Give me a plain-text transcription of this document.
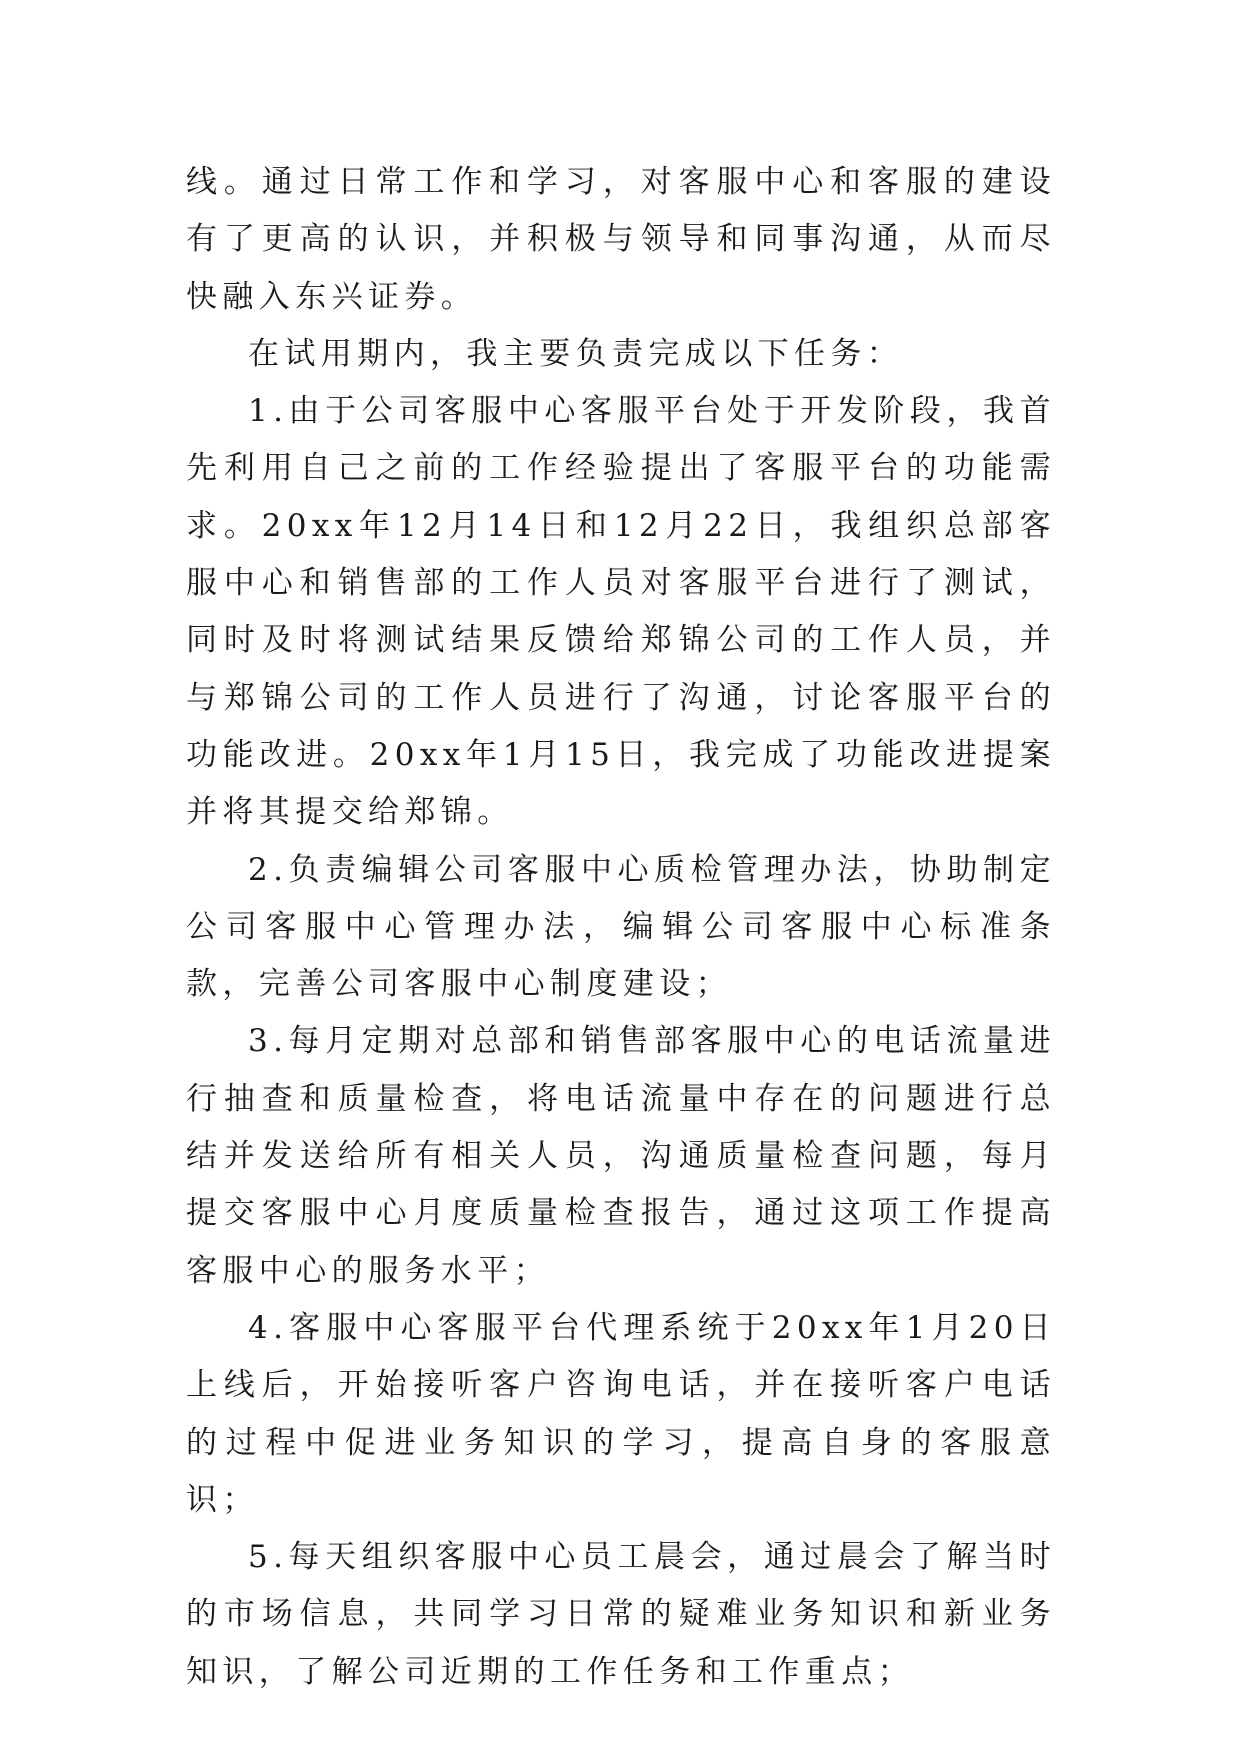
线。通过日常工作和学习，对客服中心和客服的建设有了更高的认识，并积极与领导和同事沟通，从而尽快融入东兴证券。

在试用期内，我主要负责完成以下任务：

1.由于公司客服中心客服平台处于开发阶段，我首先利用自己之前的工作经验提出了客服平台的功能需求。20xx年12月14日和12月22日，我组织总部客服中心和销售部的工作人员对客服平台进行了测试，同时及时将测试结果反馈给郑锦公司的工作人员，并与郑锦公司的工作人员进行了沟通，讨论客服平台的功能改进。20xx年1月15日，我完成了功能改进提案并将其提交给郑锦。

2.负责编辑公司客服中心质检管理办法，协助制定公司客服中心管理办法，编辑公司客服中心标准条款，完善公司客服中心制度建设；

3.每月定期对总部和销售部客服中心的电话流量进行抽查和质量检查，将电话流量中存在的问题进行总结并发送给所有相关人员，沟通质量检查问题，每月提交客服中心月度质量检查报告，通过这项工作提高客服中心的服务水平；

4.客服中心客服平台代理系统于20xx年1月20日上线后，开始接听客户咨询电话，并在接听客户电话的过程中促进业务知识的学习，提高自身的客服意识；

5.每天组织客服中心员工晨会，通过晨会了解当时的市场信息，共同学习日常的疑难业务知识和新业务知识，了解公司近期的工作任务和工作重点；
